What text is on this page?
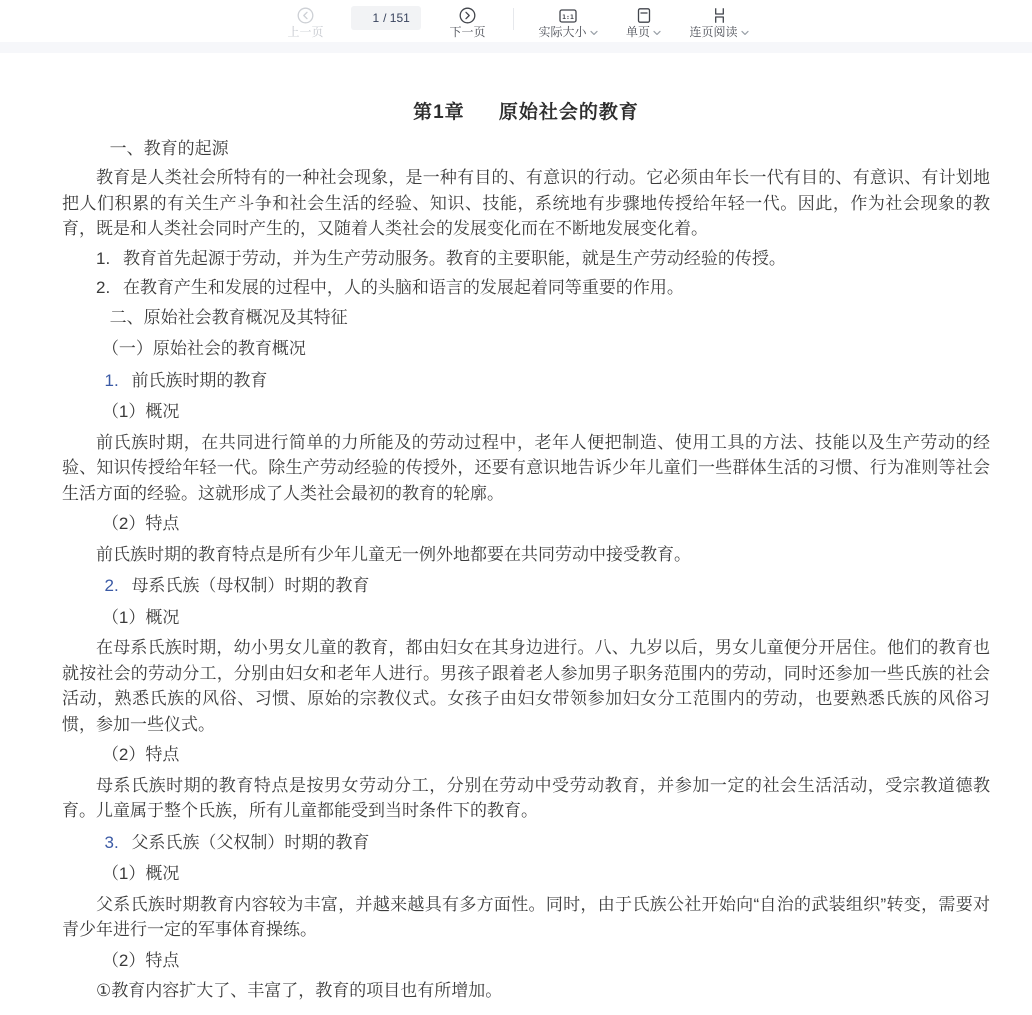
上一页
1
/ 151
下一页
1:1
实际大小	单页	连页阅读
第1章 原始社会的教育
一、教育的起源
教育是人类社会所特有的一种社会现象，是一种有目的、有意识的行动。它必须由年长一代有目的、有意识、有计划地把人们积累的有关生产斗争和社会生活的经验、知识、技能，系统地有步骤地传授给年轻一代。因此，作为社会现象的教育，既是和人类社会同时产生的，又随着人类社会的发展变化而在不断地发展变化着。
1. 教育首先起源于劳动，并为生产劳动服务。教育的主要职能，就是生产劳动经验的传授。
2. 在教育产生和发展的过程中，人的头脑和语言的发展起着同等重要的作用。
二、原始社会教育概况及其特征
（一）原始社会的教育概况
1. 前氏族时期的教育
（1）概况
前氏族时期，在共同进行简单的力所能及的劳动过程中，老年人便把制造、使用工具的方法、技能以及生产劳动的经验、知识传授给年轻一代。除生产劳动经验的传授外，还要有意识地告诉少年儿童们一些群体生活的习惯、行为准则等社会生活方面的经验。这就形成了人类社会最初的教育的轮廓。
（2）特点
前氏族时期的教育特点是所有少年儿童无一例外地都要在共同劳动中接受教育。
2. 母系氏族（母权制）时期的教育
（1）概况
在母系氏族时期，幼小男女儿童的教育，都由妇女在其身边进行。八、九岁以后，男女儿童便分开居住。他们的教育也就按社会的劳动分工，分别由妇女和老年人进行。男孩子跟着老人参加男子职务范围内的劳动，同时还参加一些氏族的社会活动，熟悉氏族的风俗、习惯、原始的宗教仪式。女孩子由妇女带领参加妇女分工范围内的劳动，也要熟悉氏族的风俗习惯，参加一些仪式。
（2）特点
母系氏族时期的教育特点是按男女劳动分工，分别在劳动中受劳动教育，并参加一定的社会生活活动，受宗教道德教育。儿童属于整个氏族，所有儿童都能受到当时条件下的教育。
3. 父系氏族（父权制）时期的教育
（1）概况
父系氏族时期教育内容较为丰富，并越来越具有多方面性。同时，由于氏族公社开始向“自治的武装组织”转变，需要对青少年进行一定的军事体育操练。
（2）特点
①教育内容扩大了、丰富了，教育的项目也有所增加。
